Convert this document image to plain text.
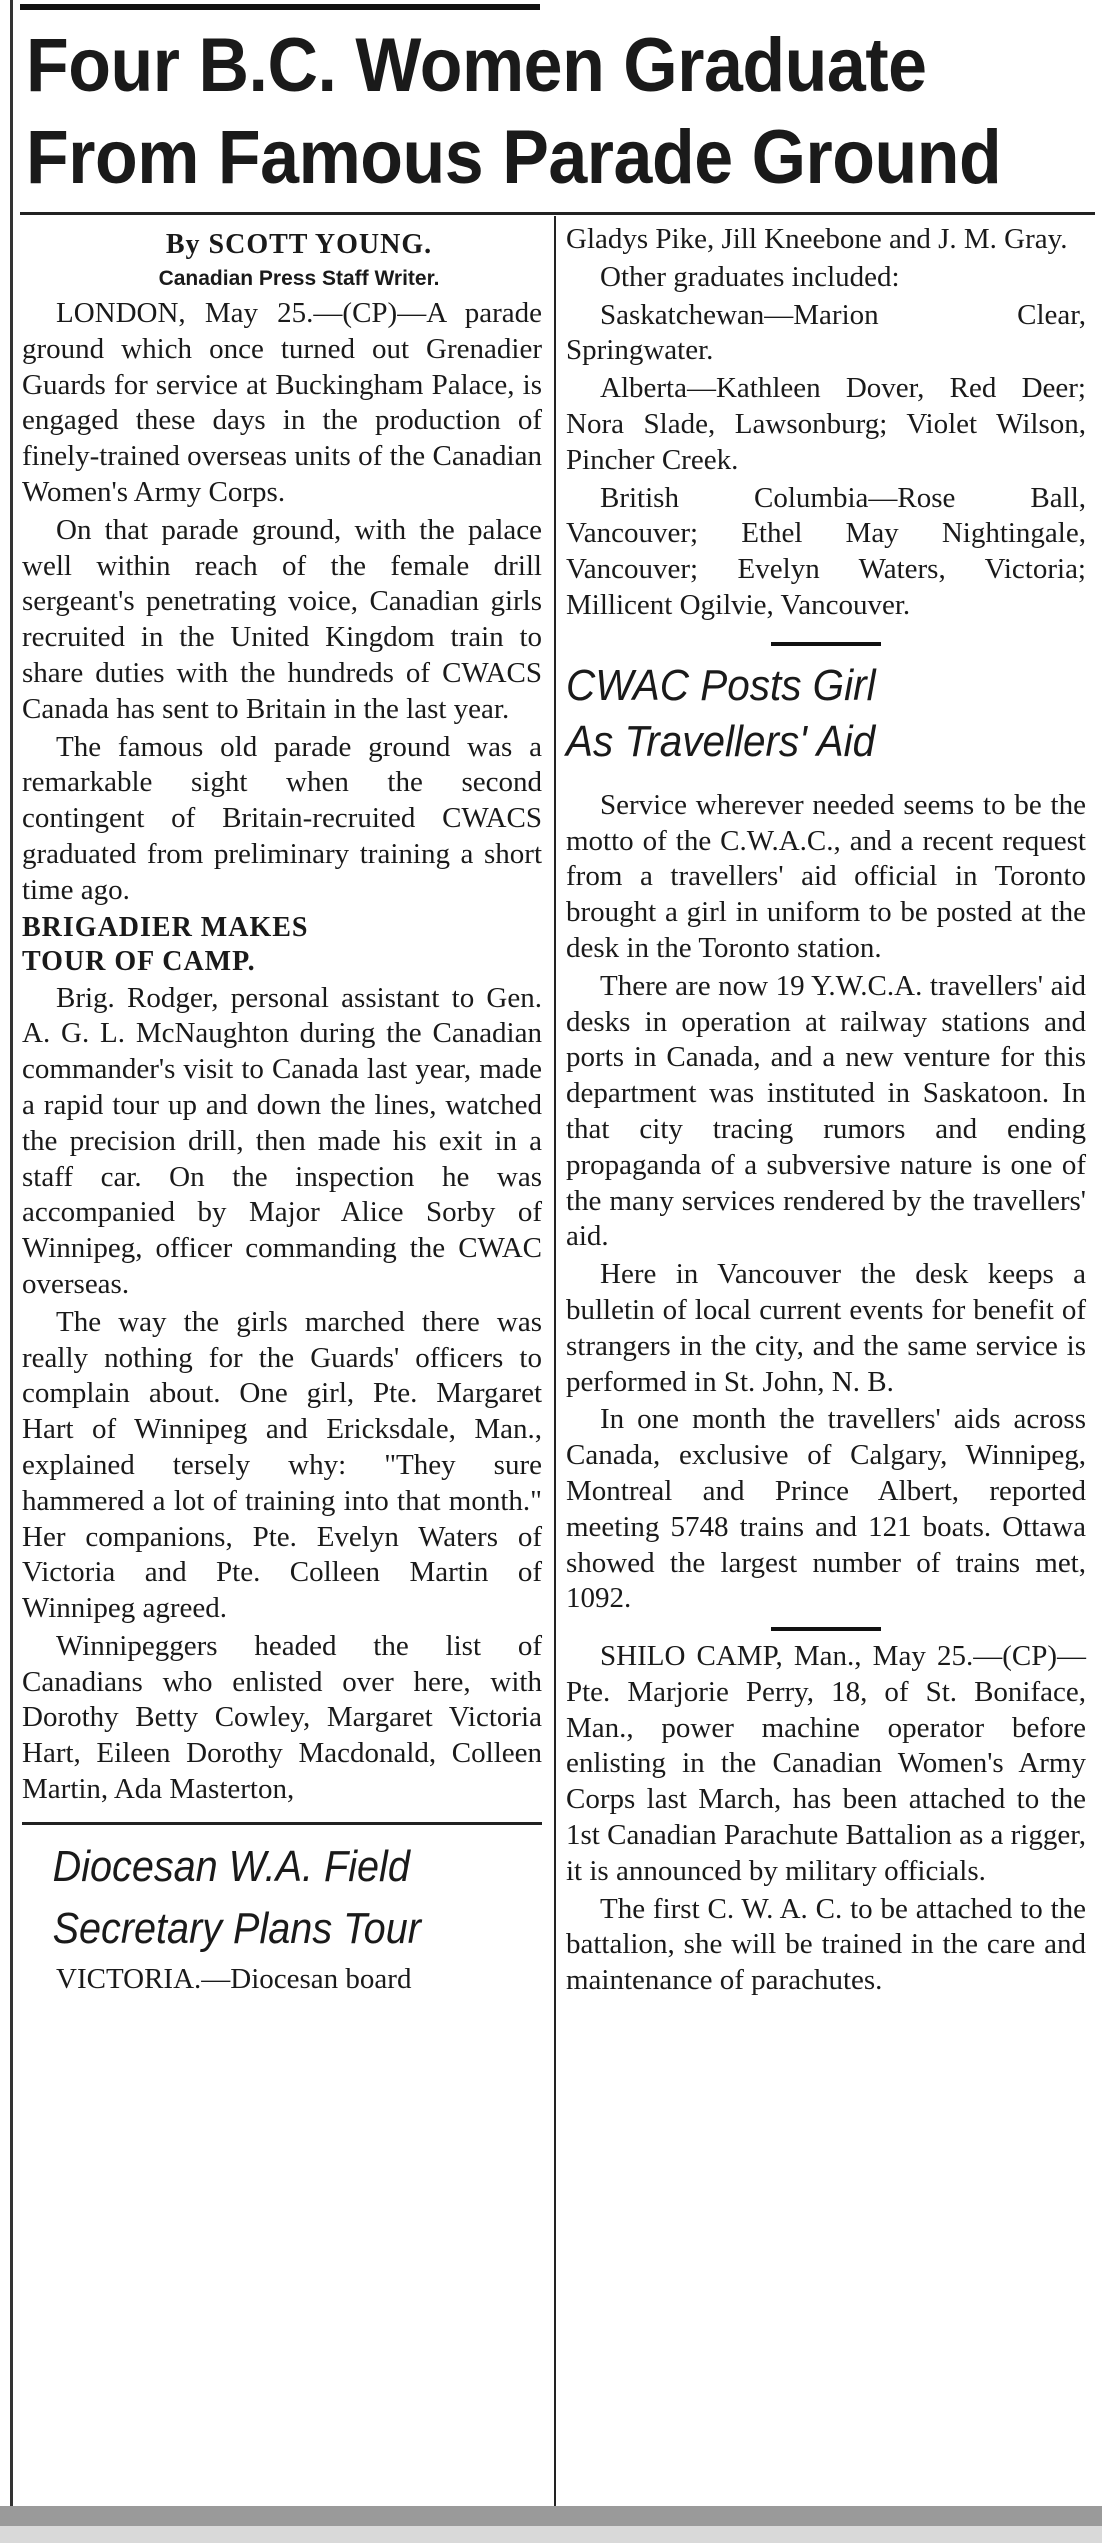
Four B.C. Women Graduate
From Famous Parade Ground

By SCOTT YOUNG.

Canadian Press Staff Writer.

LONDON, May 25.—(CP)—A parade ground which once turned out Grenadier Guards for service at Buckingham Palace, is engaged these days in the production of finely-trained overseas units of the Canadian Women's Army Corps.

On that parade ground, with the palace well within reach of the female drill sergeant's penetrating voice, Canadian girls recruited in the United Kingdom train to share duties with the hundreds of CWACS Canada has sent to Britain in the last year.

The famous old parade ground was a remarkable sight when the second contingent of Britain-recruited CWACS graduated from preliminary training a short time ago.

BRIGADIER MAKES
TOUR OF CAMP.

Brig. Rodger, personal assistant to Gen. A. G. L. McNaughton during the Canadian commander's visit to Canada last year, made a rapid tour up and down the lines, watched the precision drill, then made his exit in a staff car. On the inspection he was accompanied by Major Alice Sorby of Winnipeg, officer commanding the CWAC overseas.

The way the girls marched there was really nothing for the Guards' officers to complain about. One girl, Pte. Margaret Hart of Winnipeg and Ericksdale, Man., explained tersely why: "They sure hammered a lot of training into that month." Her companions, Pte. Evelyn Waters of Victoria and Pte. Colleen Martin of Winnipeg agreed.

Winnipeggers headed the list of Canadians who enlisted over here, with Dorothy Betty Cowley, Margaret Victoria Hart, Eileen Dorothy Macdonald, Colleen Martin, Ada Masterton,

Diocesan W.A. Field

Secretary Plans Tour

VICTORIA.—Diocesan board

Gladys Pike, Jill Kneebone and J. M. Gray.

Other graduates included:

Saskatchewan—Marion Clear, Springwater.

Alberta—Kathleen Dover, Red Deer; Nora Slade, Lawsonburg; Violet Wilson, Pincher Creek.

British Columbia—Rose Ball, Vancouver; Ethel May Nightingale, Vancouver; Evelyn Waters, Victoria; Millicent Ogilvie, Vancouver.

CWAC Posts Girl
As Travellers' Aid

Service wherever needed seems to be the motto of the C.W.A.C., and a recent request from a travellers' aid official in Toronto brought a girl in uniform to be posted at the desk in the Toronto station.

There are now 19 Y.W.C.A. travellers' aid desks in operation at railway stations and ports in Canada, and a new venture for this department was instituted in Saskatoon. In that city tracing rumors and ending propaganda of a subversive nature is one of the many services rendered by the travellers' aid.

Here in Vancouver the desk keeps a bulletin of local current events for benefit of strangers in the city, and the same service is performed in St. John, N. B.

In one month the travellers' aids across Canada, exclusive of Calgary, Winnipeg, Montreal and Prince Albert, reported meeting 5748 trains and 121 boats. Ottawa showed the largest number of trains met, 1092.

SHILO CAMP, Man., May 25.—(CP)—Pte. Marjorie Perry, 18, of St. Boniface, Man., power machine operator before enlisting in the Canadian Women's Army Corps last March, has been attached to the 1st Canadian Parachute Battalion as a rigger, it is announced by military officials.

The first C. W. A. C. to be attached to the battalion, she will be trained in the care and maintenance of parachutes.
